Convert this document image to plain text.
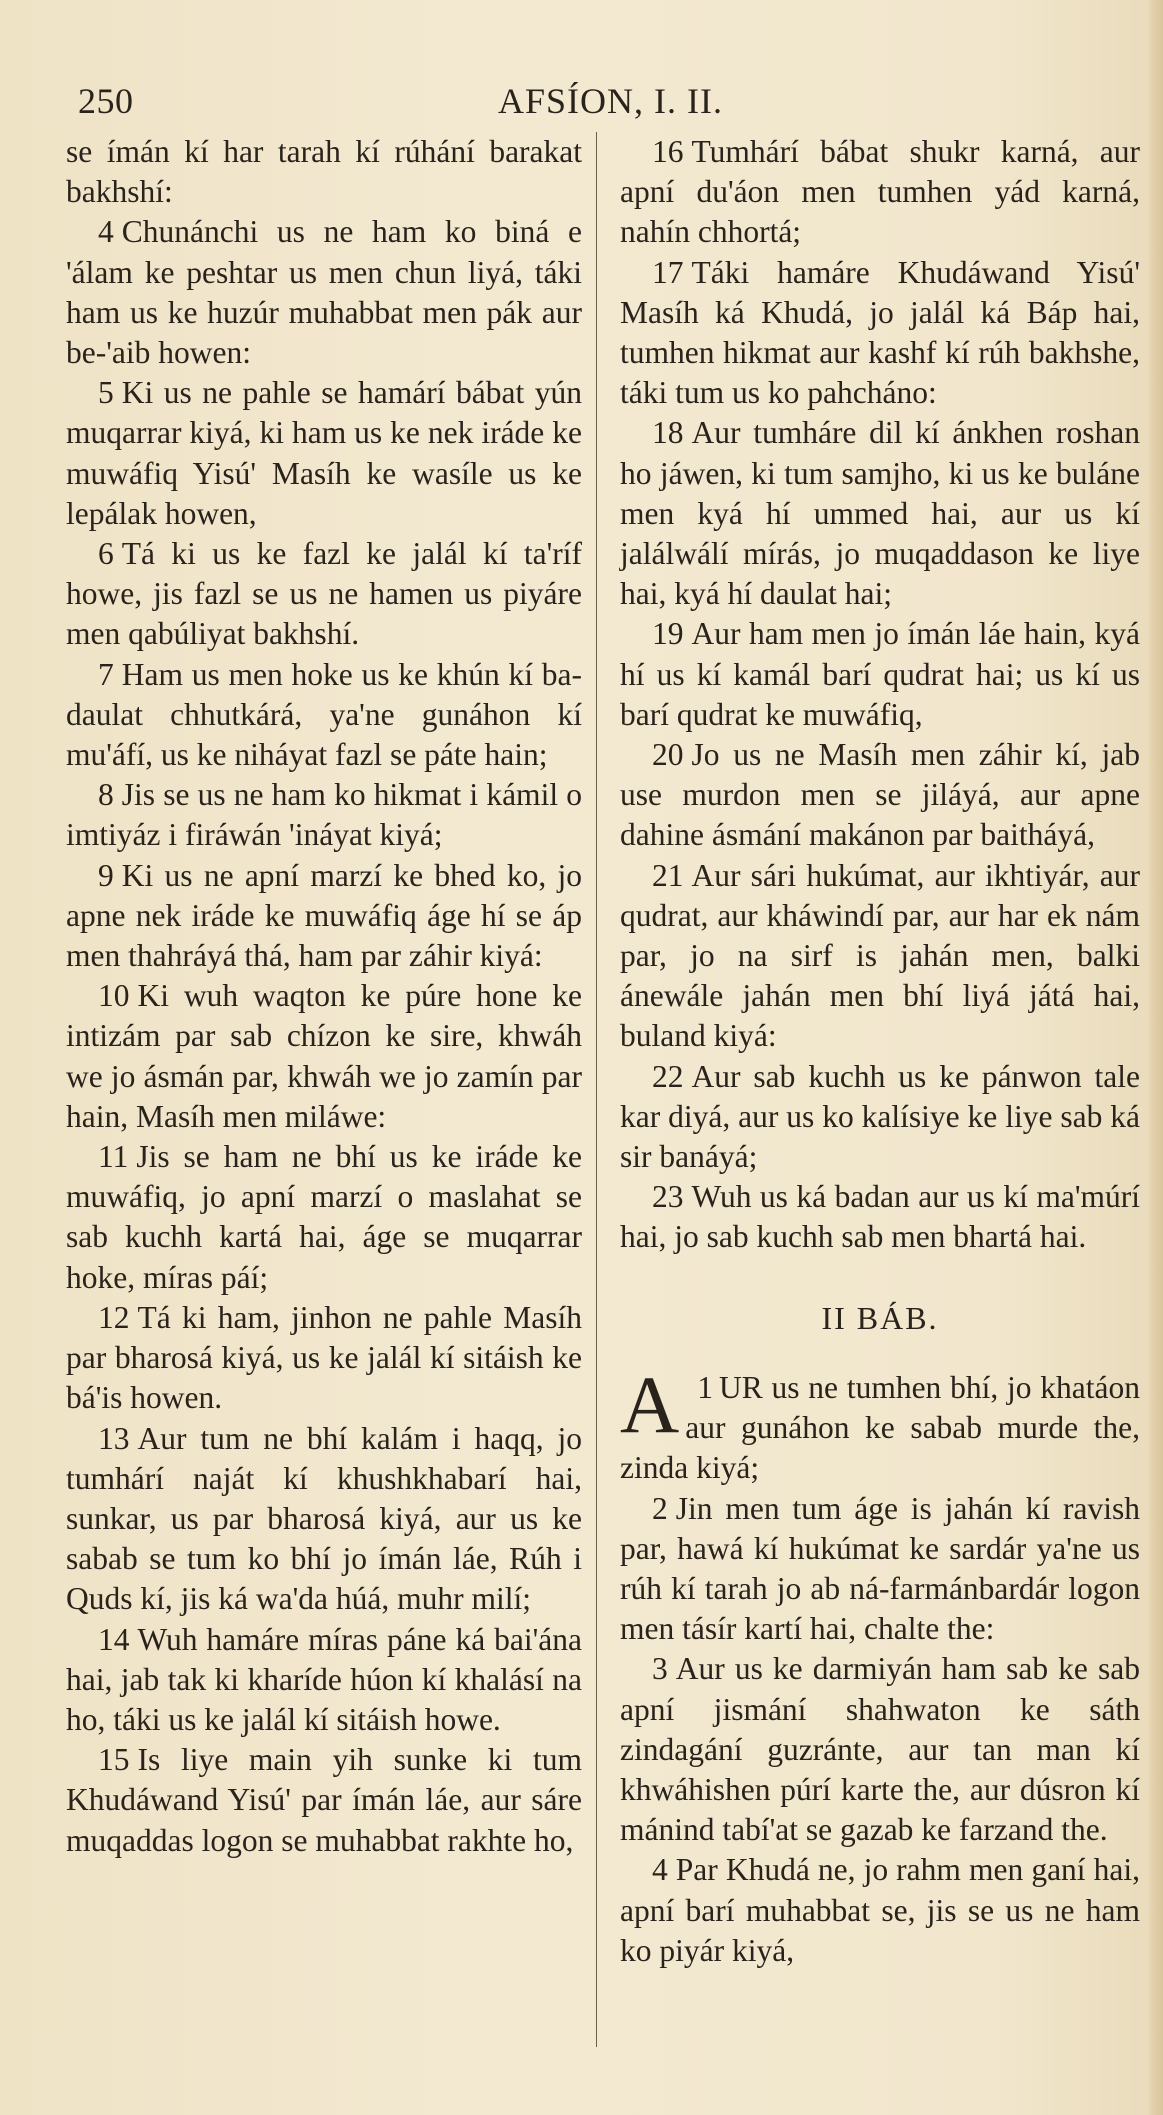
250	AFSÍON, I. II.

se ímán kí har tarah kí rúhání barakat bakhshí:

4 Chunánchi us ne ham ko biná e 'álam ke peshtar us men chun liyá, táki ham us ke huzúr muhabbat men pák aur be-'aib howen:

5 Ki us ne pahle se hamárí bábat yún muqarrar kiyá, ki ham us ke nek iráde ke muwáfiq Yisú' Masíh ke wasíle us ke lepálak howen,

6 Tá ki us ke fazl ke jalál kí ta'ríf howe, jis fazl se us ne hamen us piyáre men qabúliyat bakhshí.

7 Ham us men hoke us ke khún kí ba-daulat chhutkárá, ya'ne gunáhon kí mu'áfí, us ke niháyat fazl se páte hain;

8 Jis se us ne ham ko hikmat i kámil o imtiyáz i firáwán 'ináyat kiyá;

9 Ki us ne apní marzí ke bhed ko, jo apne nek iráde ke muwáfiq áge hí se áp men thahráyá thá, ham par záhir kiyá:

10 Ki wuh waqton ke púre hone ke intizám par sab chízon ke sire, khwáh we jo ásmán par, khwáh we jo zamín par hain, Masíh men miláwe:

11 Jis se ham ne bhí us ke iráde ke muwáfiq, jo apní marzí o maslahat se sab kuchh kartá hai, áge se muqarrar hoke, míras páí;

12 Tá ki ham, jinhon ne pahle Masíh par bharosá kiyá, us ke jalál kí sitáish ke bá'is howen.

13 Aur tum ne bhí kalám i haqq, jo tumhárí naját kí khushkhabarí hai, sunkar, us par bharosá kiyá, aur us ke sabab se tum ko bhí jo ímán láe, Rúh i Quds kí, jis ká wa'da húá, muhr milí;

14 Wuh hamáre míras páne ká bai'ána hai, jab tak ki kharíde húon kí khalásí na ho, táki us ke jalál kí sitáish howe.

15 Is liye main yih sunke ki tum Khudáwand Yisú' par ímán láe, aur sáre muqaddas logon se muhabbat rakhte ho,

16 Tumhárí bábat shukr karná, aur apní du'áon men tumhen yád karná, nahín chhortá;

17 Táki hamáre Khudáwand Yisú' Masíh ká Khudá, jo jalál ká Báp hai, tumhen hikmat aur kashf kí rúh bakhshe, táki tum us ko pahcháno:

18 Aur tumháre dil kí ánkhen roshan ho jáwen, ki tum samjho, ki us ke buláne men kyá hí ummed hai, aur us kí jalálwálí mírás, jo muqaddason ke liye hai, kyá hí daulat hai;

19 Aur ham men jo ímán láe hain, kyá hí us kí kamál barí qudrat hai; us kí us barí qudrat ke muwáfiq,

20 Jo us ne Masíh men záhir kí, jab use murdon men se jiláyá, aur apne dahine ásmání makánon par baitháyá,

21 Aur sári hukúmat, aur ikhtiyár, aur qudrat, aur kháwindí par, aur har ek nám par, jo na sirf is jahán men, balki ánewále jahán men bhí liyá játá hai, buland kiyá:

22 Aur sab kuchh us ke pánwon tale kar diyá, aur us ko kalísiye ke liye sab ká sir banáyá;

23 Wuh us ká badan aur us kí ma'múrí hai, jo sab kuchh sab men bhartá hai.

II BÁB.

1
A UR us ne tumhen bhí, jo khatáon aur gunáhon ke sabab murde the, zinda kiyá;

2 Jin men tum áge is jahán kí ravish par, hawá kí hukúmat ke sardár ya'ne us rúh kí tarah jo ab ná-farmánbardár logon men tásír kartí hai, chalte the:

3 Aur us ke darmiyán ham sab ke sab apní jismání shahwaton ke sáth zindagání guzránte, aur tan man kí khwáhishen púrí karte the, aur dúsron kí mánind tabí'at se gazab ke farzand the.

4 Par Khudá ne, jo rahm men ganí hai, apní barí muhabbat se, jis se us ne ham ko piyár kiyá,
